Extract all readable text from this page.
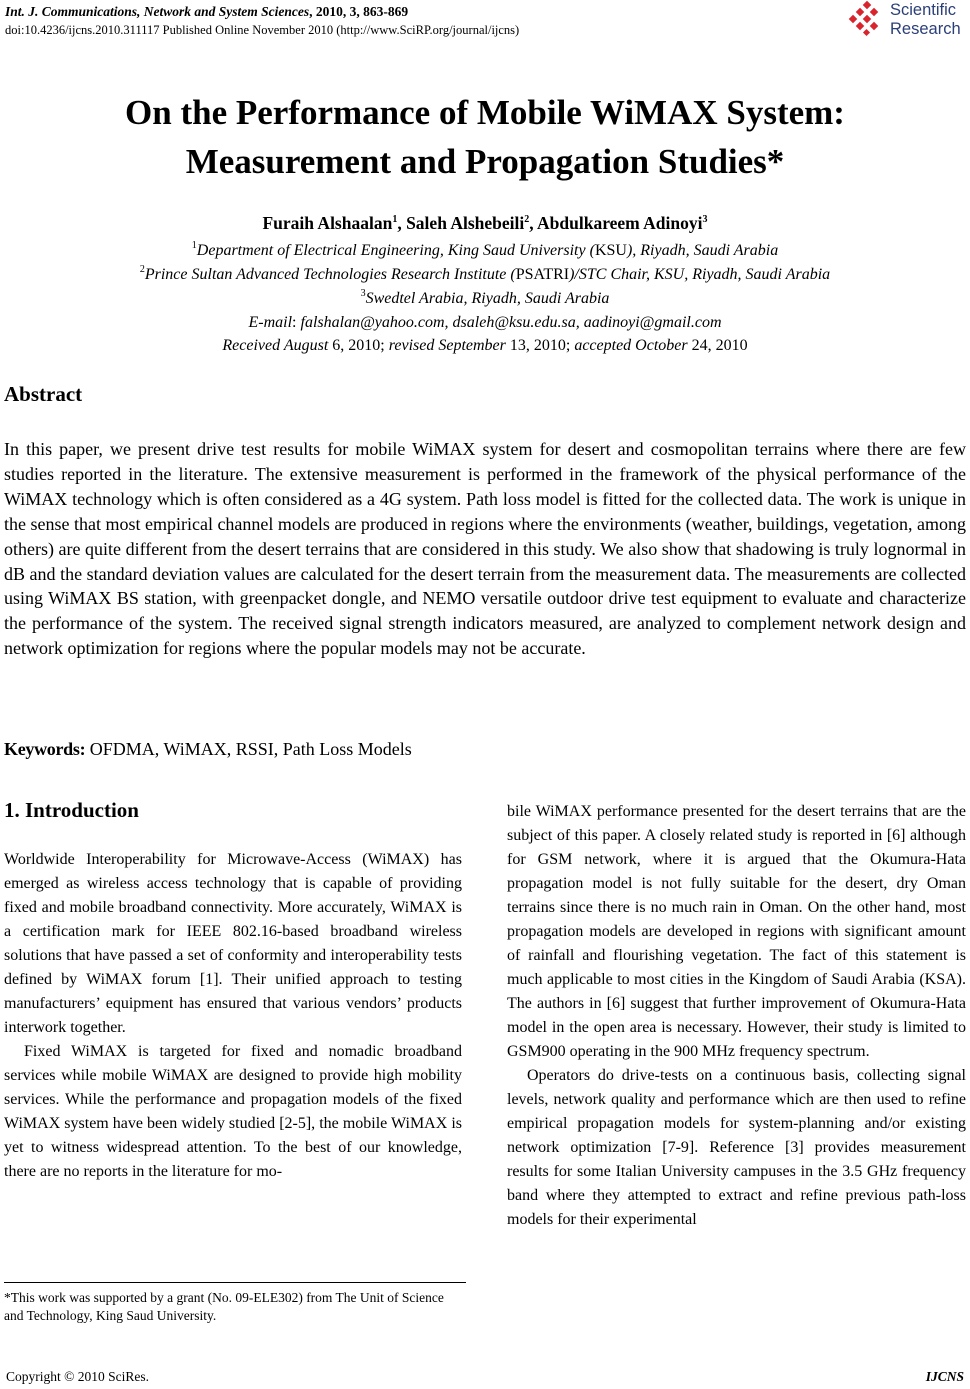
Int. J. Communications, Network and System Sciences, 2010, 3, 863-869
doi:10.4236/ijcns.2010.311117 Published Online November 2010 (http://www.SciRP.org/journal/ijcns)
Scientific
Research
On the Performance of Mobile WiMAX System:
Measurement and Propagation Studies*
Furaih Alshaalan$^1$, Saleh Alshebeili$^2$, Abdulkareem Adinoyi$^3$
$^1$Department of Electrical Engineering, King Saud University (KSU), Riyadh, Saudi Arabia
$^2$Prince Sultan Advanced Technologies Research Institute (PSATRI)/STC Chair, KSU, Riyadh, Saudi Arabia
$^3$Swedtel Arabia, Riyadh, Saudi Arabia
E-mail: falshalan@yahoo.com, dsaleh@ksu.edu.sa, aadinoyi@gmail.com
Received August 6, 2010; revised September 13, 2010; accepted October 24, 2010
Abstract
In this paper, we present drive test results for mobile WiMAX system for desert and cosmopolitan terrains where there are few studies reported in the literature. The extensive measurement is performed in the framework of the physical performance of the WiMAX technology which is often considered as a 4G system. Path loss model is fitted for the collected data. The work is unique in the sense that most empirical channel models are produced in regions where the environments (weather, buildings, vegetation, among others) are quite different from the desert terrains that are considered in this study. We also show that shadowing is truly lognormal in dB and the standard deviation values are calculated for the desert terrain from the measurement data. The measurements are collected using WiMAX BS station, with greenpacket dongle, and NEMO versatile outdoor drive test equipment to evaluate and characterize the performance of the system. The received signal strength indicators measured, are analyzed to complement network design and network optimization for regions where the popular models may not be accurate.
Keywords: OFDMA, WiMAX, RSSI, Path Loss Models
1. Introduction

Worldwide Interoperability for Microwave-Access (WiMAX) has emerged as wireless access technology that is capable of providing fixed and mobile broadband connectivity. More accurately, WiMAX is a certification mark for IEEE 802.16-based broadband wireless solutions that have passed a set of conformity and interoperability tests defined by WiMAX forum [1]. Their unified approach to testing manufacturers’ equipment has ensured that various vendors’ products interwork together.

Fixed WiMAX is targeted for fixed and nomadic broadband services while mobile WiMAX are designed to provide high mobility services. While the performance and propagation models of the fixed WiMAX system have been widely studied [2-5], the mobile WiMAX is yet to witness widespread attention. To the best of our knowledge, there are no reports in the literature for mo-

bile WiMAX performance presented for the desert terrains that are the subject of this paper. A closely related study is reported in [6] although for GSM network, where it is argued that the Okumura-Hata propagation model is not fully suitable for the desert, dry Oman terrains since there is no much rain in Oman. On the other hand, most propagation models are developed in regions with significant amount of rainfall and flourishing vegetation. The fact of this statement is much applicable to most cities in the Kingdom of Saudi Arabia (KSA). The authors in [6] suggest that further improvement of Okumura-Hata model in the open area is necessary. However, their study is limited to GSM900 operating in the 900 MHz frequency spectrum.

Operators do drive-tests on a continuous basis, collecting signal levels, network quality and performance which are then used to refine empirical propagation models for system-planning and/or existing network optimization [7-9]. Reference [3] provides measurement results for some Italian University campuses in the 3.5 GHz frequency band where they attempted to extract and refine previous path-loss models for their experimental

*This work was supported by a grant (No. 09-ELE302) from The Unit of Science and Technology, King Saud University.
Copyright © 2010 SciRes.	IJCNS
